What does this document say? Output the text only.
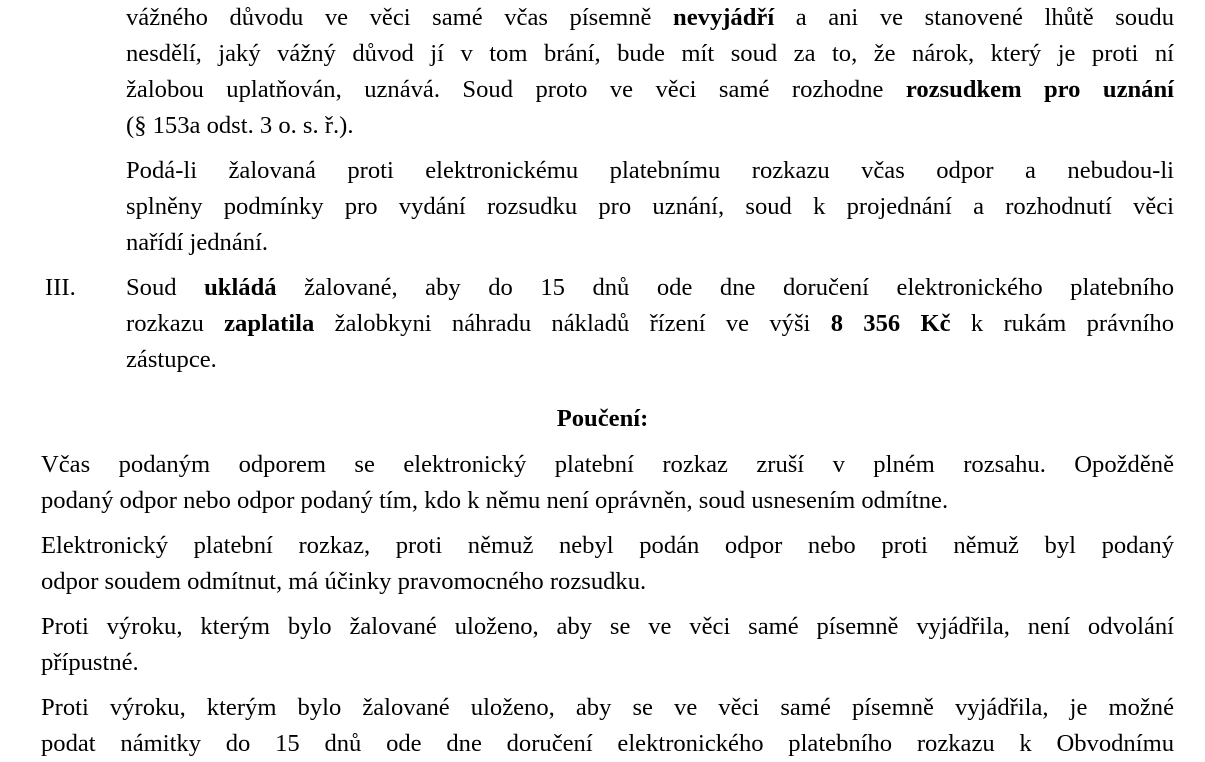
vážného důvodu ve věci samé včas písemně nevyjádří a ani ve stanovené lhůtě soudu
nesdělí, jaký vážný důvod jí v tom brání, bude mít soud za to, že nárok, který je proti ní
žalobou uplatňován, uznává. Soud proto ve věci samé rozhodne rozsudkem pro uznání
(§ 153a odst. 3 o. s. ř.).
Podá-li žalovaná proti elektronickému platebnímu rozkazu včas odpor a nebudou-li
splněny podmínky pro vydání rozsudku pro uznání, soud k projednání a rozhodnutí věci
nařídí jednání.
III. Soud ukládá žalované, aby do 15 dnů ode dne doručení elektronického platebního
rozkazu zaplatila žalobkyni náhradu nákladů řízení ve výši 8 356 Kč k rukám právního
zástupce.
Poučení:
Včas podaným odporem se elektronický platební rozkaz zruší v plném rozsahu. Opožděně
podaný odpor nebo odpor podaný tím, kdo k němu není oprávněn, soud usnesením odmítne.
Elektronický platební rozkaz, proti němuž nebyl podán odpor nebo proti němuž byl podaný
odpor soudem odmítnut, má účinky pravomocného rozsudku.
Proti výroku, kterým bylo žalované uloženo, aby se ve věci samé písemně vyjádřila, není odvolání
přípustné.
Proti výroku, kterým bylo žalované uloženo, aby se ve věci samé písemně vyjádřila, je možné
podat námitky do 15 dnů ode dne doručení elektronického platebního rozkazu k Obvodnímu
